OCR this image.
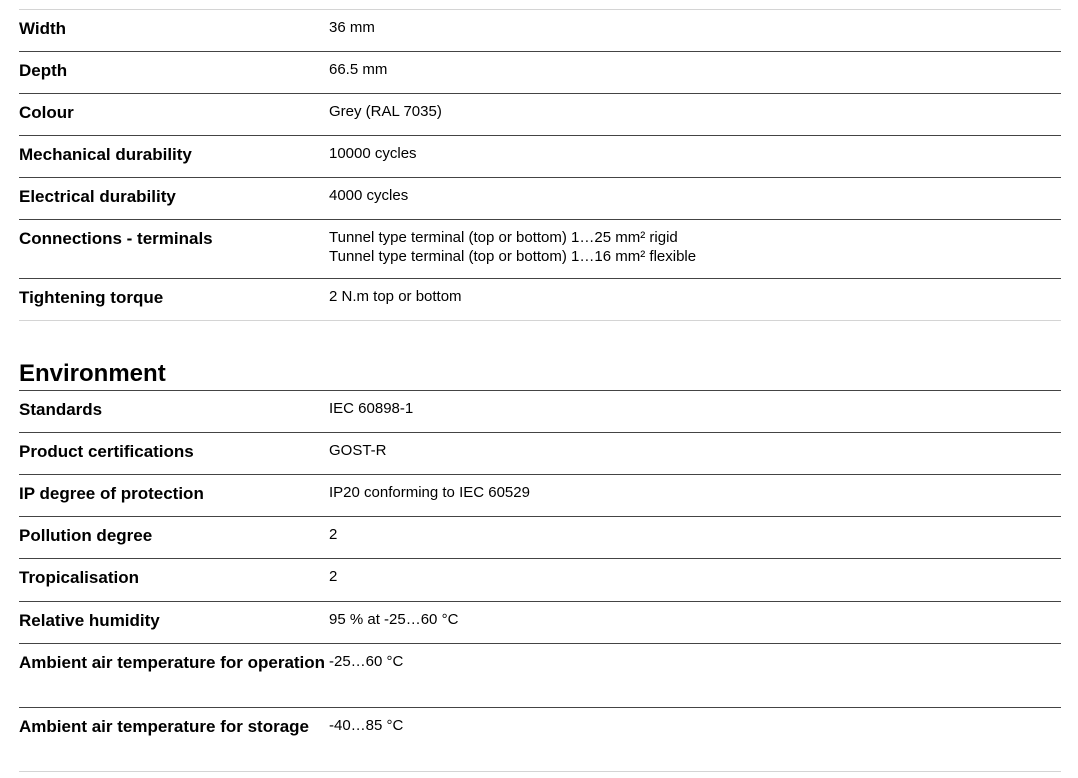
Width	36 mm
Depth	66.5 mm
Colour	Grey (RAL 7035)
Mechanical durability	10000 cycles
Electrical durability	4000 cycles
Connections - terminals	Tunnel type terminal (top or bottom) 1…25 mm² rigid
Tunnel type terminal (top or bottom) 1…16 mm² flexible
Tightening torque	2 N.m top or bottom
Environment
Standards	IEC 60898-1
Product certifications	GOST-R
IP degree of protection	IP20 conforming to IEC 60529
Pollution degree	2
Tropicalisation	2
Relative humidity	95 % at -25…60 °C
Ambient air temperature for operation -25…60 °C
Ambient air temperature for storage	-40…85 °C
